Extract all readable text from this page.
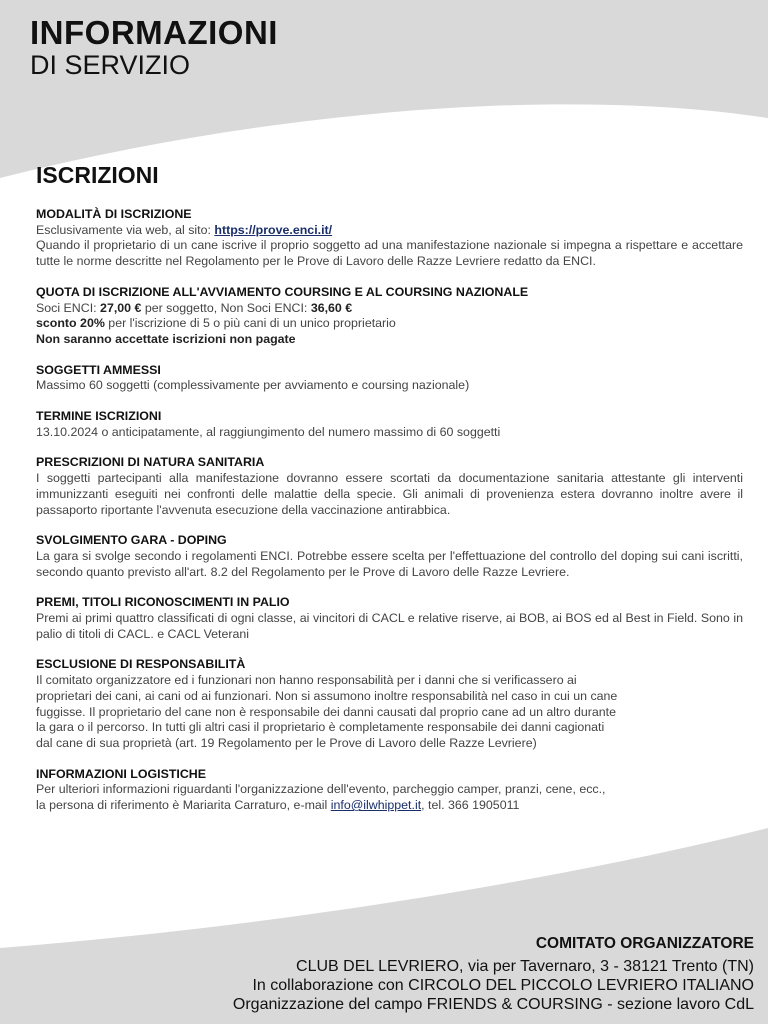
INFORMAZIONI
DI SERVIZIO
ISCRIZIONI
MODALITÀ DI ISCRIZIONE
Esclusivamente via web, al sito: https://prove.enci.it/
Quando il proprietario di un cane iscrive il proprio soggetto ad una manifestazione nazionale si impegna a rispettare e accettare tutte le norme descritte nel Regolamento per le Prove di Lavoro delle Razze Levriere redatto da ENCI.
QUOTA DI ISCRIZIONE ALL'AVVIAMENTO COURSING E AL COURSING NAZIONALE
Soci ENCI: 27,00 € per soggetto, Non Soci ENCI: 36,60 €
sconto 20% per l'iscrizione di 5 o più cani di un unico proprietario
Non saranno accettate iscrizioni non pagate
SOGGETTI AMMESSI
Massimo 60 soggetti (complessivamente per avviamento e coursing nazionale)
TERMINE ISCRIZIONI
13.10.2024 o anticipatamente, al raggiungimento del numero massimo di 60 soggetti
PRESCRIZIONI DI NATURA SANITARIA
I soggetti partecipanti alla manifestazione dovranno essere scortati da documentazione sanitaria attestante gli interventi immunizzanti eseguiti nei confronti delle malattie della specie. Gli animali di provenienza estera dovranno inoltre avere il passaporto riportante l'avvenuta esecuzione della vaccinazione antirabbica.
SVOLGIMENTO GARA - DOPING
La gara si svolge secondo i regolamenti ENCI. Potrebbe essere scelta per l'effettuazione del controllo del doping sui cani iscritti, secondo quanto previsto all'art. 8.2 del Regolamento per le Prove di Lavoro delle Razze Levriere.
PREMI, TITOLI RICONOSCIMENTI IN PALIO
Premi ai primi quattro classificati di ogni classe, ai vincitori di CACL e relative riserve, ai BOB, ai BOS ed al Best in Field. Sono in palio di titoli di CACL. e CACL Veterani
ESCLUSIONE DI RESPONSABILITÀ
Il comitato organizzatore ed i funzionari non hanno responsabilità per i danni che si verificassero ai
proprietari dei cani, ai cani od ai funzionari. Non si assumono inoltre responsabilità nel caso in cui un cane
fuggisse. Il proprietario del cane non è responsabile dei danni causati dal proprio cane ad un altro durante
la gara o il percorso. In tutti gli altri casi il proprietario è completamente responsabile dei danni cagionati
dal cane di sua proprietà (art. 19 Regolamento per le Prove di Lavoro delle Razze Levriere)
INFORMAZIONI LOGISTICHE
Per ulteriori informazioni riguardanti l'organizzazione dell'evento, parcheggio camper, pranzi, cene, ecc.,
la persona di riferimento è Mariarita Carraturo, e-mail info@ilwhippet.it, tel. 366 1905011
COMITATO ORGANIZZATORE
CLUB DEL LEVRIERO, via per Tavernaro, 3 - 38121 Trento (TN)
In collaborazione con CIRCOLO DEL PICCOLO LEVRIERO ITALIANO
Organizzazione del campo FRIENDS & COURSING - sezione lavoro CdL
